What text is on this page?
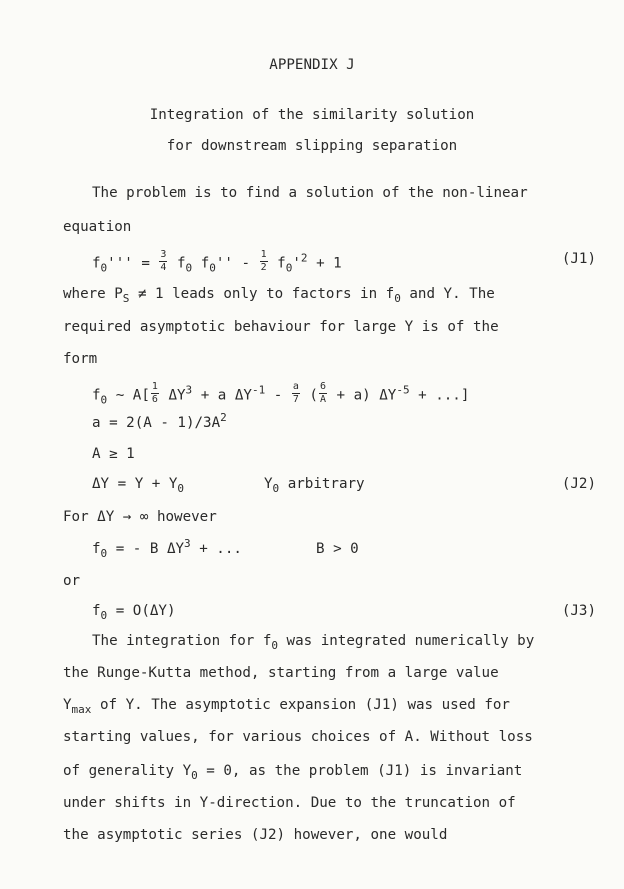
APPENDIX J
Integration of the similarity solution
for downstream slipping separation
The problem is to find a solution of the non-linear
equation
$f_0''' = \frac{3}{4} f_0$ $f_0'' - \frac{1}{2} f_0'^2 + 1$	(J1)
where $P_S \ne 1$ leads only to factors in $f_0$ and Y. The
required asymptotic behaviour for large Y is of the
form
$f_0$ ~ $A[ \frac{1}{6} \Delta Y^3 + a$ $\Delta Y^{-1} - \frac{a}{7}$ ( $\frac{6}{A} + a$) $\Delta Y^{-5}$ + ...]
$a = 2(A - 1)/3A^2$
A ≥ 1
$\Delta Y = Y + Y_0$	$Y_0$ arbitrary	(J2)
For ΔY → ∞ however
$f_0$ = - B $\Delta Y^3$ + ...	B > 0
or
$f_0 = O(\Delta Y)$	(J3)
The integration for $f_0$ was integrated numerically by
the Runge-Kutta method, starting from a large value
$Y_{max}$ of Y. The asymptotic expansion (J1) was used for
starting values, for various choices of A. Without loss
of generality $Y_0 = 0$, as the problem (J1) is invariant
under shifts in Y-direction. Due to the truncation of
the asymptotic series (J2) however, one would
